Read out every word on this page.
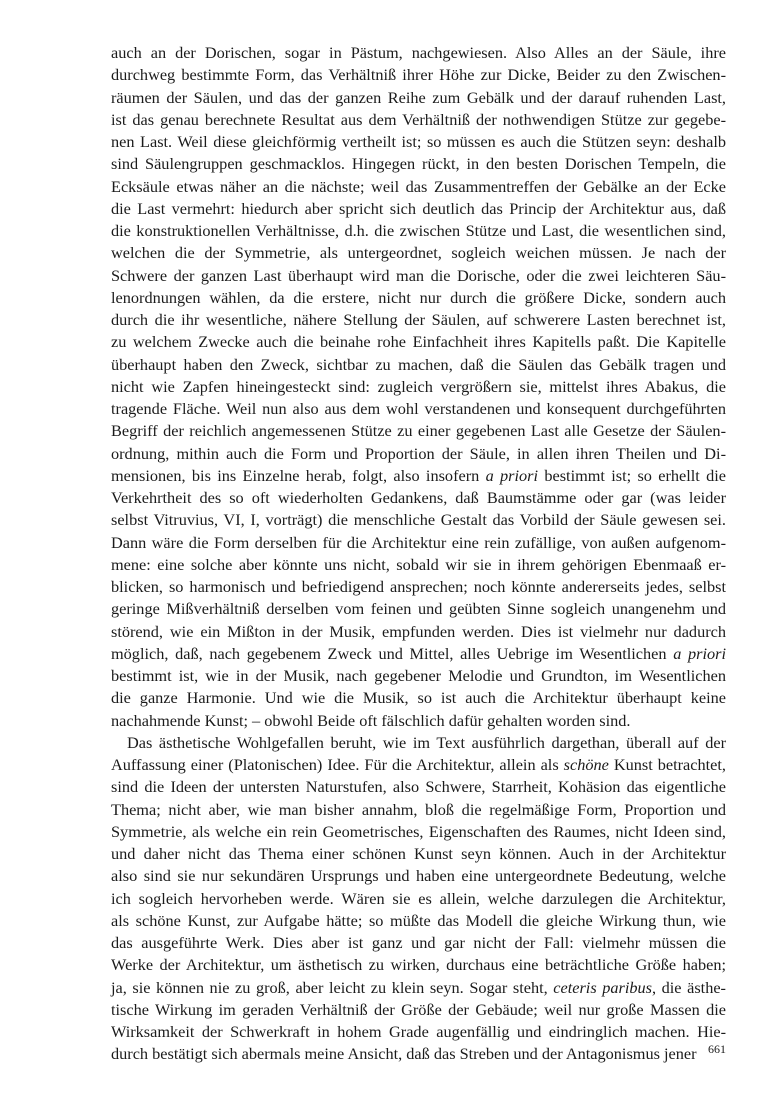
auch an der Dorischen, sogar in Pästum, nachgewiesen. Also Alles an der Säule, ihre
durchweg bestimmte Form, das Verhältniß ihrer Höhe zur Dicke, Beider zu den Zwischen-
räumen der Säulen, und das der ganzen Reihe zum Gebälk und der darauf ruhenden Last,
ist das genau berechnete Resultat aus dem Verhältniß der nothwendigen Stütze zur gegebe-
nen Last. Weil diese gleichförmig vertheilt ist; so müssen es auch die Stützen seyn: deshalb
sind Säulengruppen geschmacklos. Hingegen rückt, in den besten Dorischen Tempeln, die
Ecksäule etwas näher an die nächste; weil das Zusammentreffen der Gebälke an der Ecke
die Last vermehrt: hiedurch aber spricht sich deutlich das Princip der Architektur aus, daß
die konstruktionellen Verhältnisse, d.h. die zwischen Stütze und Last, die wesentlichen sind,
welchen die der Symmetrie, als untergeordnet, sogleich weichen müssen. Je nach der
Schwere der ganzen Last überhaupt wird man die Dorische, oder die zwei leichteren Säu-
lenordnungen wählen, da die erstere, nicht nur durch die größere Dicke, sondern auch
durch die ihr wesentliche, nähere Stellung der Säulen, auf schwerere Lasten berechnet ist,
zu welchem Zwecke auch die beinahe rohe Einfachheit ihres Kapitells paßt. Die Kapitelle
überhaupt haben den Zweck, sichtbar zu machen, daß die Säulen das Gebälk tragen und
nicht wie Zapfen hineingesteckt sind: zugleich vergrößern sie, mittelst ihres Abakus, die
tragende Fläche. Weil nun also aus dem wohl verstandenen und konsequent durchgeführten
Begriff der reichlich angemessenen Stütze zu einer gegebenen Last alle Gesetze der Säulen-
ordnung, mithin auch die Form und Proportion der Säule, in allen ihren Theilen und Di-
mensionen, bis ins Einzelne herab, folgt, also insofern a priori bestimmt ist; so erhellt die
Verkehrtheit des so oft wiederholten Gedankens, daß Baumstämme oder gar (was leider
selbst Vitruvius, VI, I, vorträgt) die menschliche Gestalt das Vorbild der Säule gewesen sei.
Dann wäre die Form derselben für die Architektur eine rein zufällige, von außen aufgenom-
mene: eine solche aber könnte uns nicht, sobald wir sie in ihrem gehörigen Ebenmaaß er-
blicken, so harmonisch und befriedigend ansprechen; noch könnte andererseits jedes, selbst
geringe Mißverhältniß derselben vom feinen und geübten Sinne sogleich unangenehm und
störend, wie ein Mißton in der Musik, empfunden werden. Dies ist vielmehr nur dadurch
möglich, daß, nach gegebenem Zweck und Mittel, alles Uebrige im Wesentlichen a priori
bestimmt ist, wie in der Musik, nach gegebener Melodie und Grundton, im Wesentlichen
die ganze Harmonie. Und wie die Musik, so ist auch die Architektur überhaupt keine
nachahmende Kunst; – obwohl Beide oft fälschlich dafür gehalten worden sind.
Das ästhetische Wohlgefallen beruht, wie im Text ausführlich dargethan, überall auf der
Auffassung einer (Platonischen) Idee. Für die Architektur, allein als schöne Kunst betrachtet,
sind die Ideen der untersten Naturstufen, also Schwere, Starrheit, Kohäsion das eigentliche
Thema; nicht aber, wie man bisher annahm, bloß die regelmäßige Form, Proportion und
Symmetrie, als welche ein rein Geometrisches, Eigenschaften des Raumes, nicht Ideen sind,
und daher nicht das Thema einer schönen Kunst seyn können. Auch in der Architektur
also sind sie nur sekundären Ursprungs und haben eine untergeordnete Bedeutung, welche
ich sogleich hervorheben werde. Wären sie es allein, welche darzulegen die Architektur,
als schöne Kunst, zur Aufgabe hätte; so müßte das Modell die gleiche Wirkung thun, wie
das ausgeführte Werk. Dies aber ist ganz und gar nicht der Fall: vielmehr müssen die
Werke der Architektur, um ästhetisch zu wirken, durchaus eine beträchtliche Größe haben;
ja, sie können nie zu groß, aber leicht zu klein seyn. Sogar steht, ceteris paribus, die ästhe-
tische Wirkung im geraden Verhältniß der Größe der Gebäude; weil nur große Massen die
Wirksamkeit der Schwerkraft in hohem Grade augenfällig und eindringlich machen. Hie-
durch bestätigt sich abermals meine Ansicht, daß das Streben und der Antagonismus jener 661
